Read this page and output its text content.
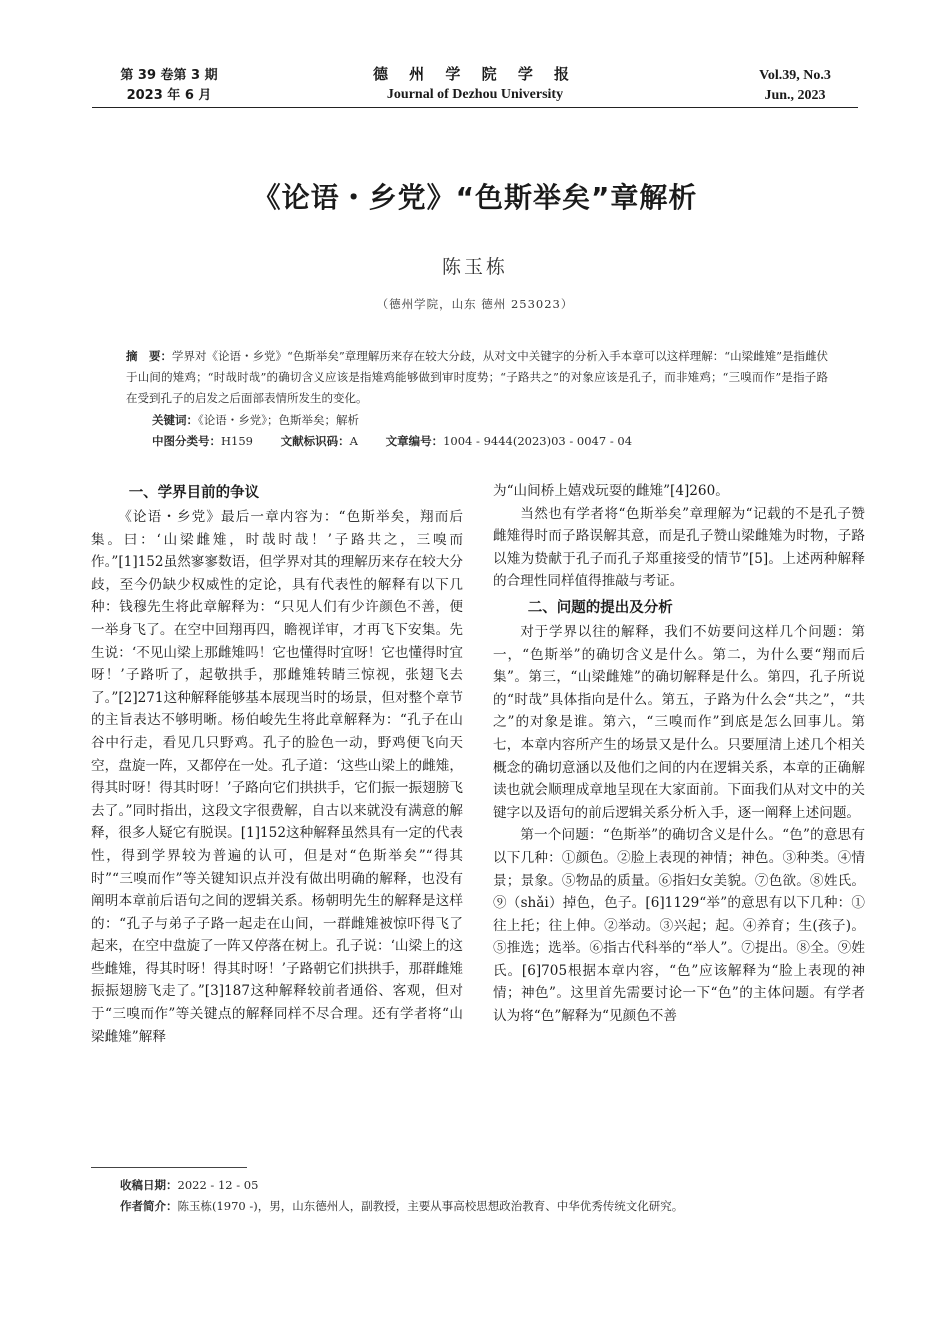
第 39 卷第 3 期
2023 年 6 月
德 州 学 院 学 报
Journal of Dezhou University
Vol.39, No.3
Jun., 2023
《论语・乡党》“色斯举矣”章解析
陈玉栋
（德州学院，山东 德州 253023）
摘　要：学界对《论语・乡党》“色斯举矣”章理解历来存在较大分歧，从对文中关键字的分析入手本章可以这样理解：“山梁雌雉”是指雌伏于山间的雉鸡；“时哉时哉”的确切含义应该是指雉鸡能够做到审时度势；“子路共之”的对象应该是孔子，而非雉鸡；“三嗅而作”是指子路在受到孔子的启发之后面部表情所发生的变化。
关键词：《论语・乡党》；色斯举矣；解析
中图分类号：H159 文献标识码：A 文章编号：1004 - 9444(2023)03 - 0047 - 04
一、学界目前的争议

《论语・乡党》最后一章内容为：“色斯举矣，翔而后集。曰：‘山梁雌雉，时哉时哉！’子路共之，三嗅而作。”[1]152虽然寥寥数语，但学界对其的理解历来存在较大分歧，至今仍缺少权威性的定论，具有代表性的解释有以下几种：钱穆先生将此章解释为：“只见人们有少许颜色不善，便一举身飞了。在空中回翔再四，瞻视详审，才再飞下安集。先生说：‘不见山梁上那雌雉吗！它也懂得时宜呀！它也懂得时宜呀！’子路听了，起敬拱手，那雌雉转睛三惊视，张翅飞去了。”[2]271这种解释能够基本展现当时的场景，但对整个章节的主旨表达不够明晰。杨伯峻先生将此章解释为：“孔子在山谷中行走，看见几只野鸡。孔子的脸色一动，野鸡便飞向天空，盘旋一阵，又都停在一处。孔子道：‘这些山梁上的雌雉，得其时呀！得其时呀！’子路向它们拱拱手，它们振一振翅膀飞去了。”同时指出，这段文字很费解，自古以来就没有满意的解释，很多人疑它有脱误。[1]152这种解释虽然具有一定的代表性，得到学界较为普遍的认可，但是对“色斯举矣”“得其时”“三嗅而作”等关键知识点并没有做出明确的解释，也没有阐明本章前后语句之间的逻辑关系。杨朝明先生的解释是这样的：“孔子与弟子子路一起走在山间，一群雌雉被惊吓得飞了起来，在空中盘旋了一阵又停落在树上。孔子说：‘山梁上的这些雌雉，得其时呀！得其时呀！’子路朝它们拱拱手，那群雌雉振振翅膀飞走了。”[3]187这种解释较前者通俗、客观，但对于“三嗅而作”等关键点的解释同样不尽合理。还有学者将“山梁雌雉”解释

为“山间桥上嬉戏玩耍的雌雉”[4]260。

当然也有学者将“色斯举矣”章理解为“记载的不是孔子赞雌雉得时而子路误解其意，而是孔子赞山梁雌雉为时物，子路以雉为贽献于孔子而孔子郑重接受的情节”[5]。上述两种解释的合理性同样值得推敲与考证。

二、问题的提出及分析

对于学界以往的解释，我们不妨要问这样几个问题：第一，“色斯举”的确切含义是什么。第二，为什么要“翔而后集”。第三，“山梁雌雉”的确切解释是什么。第四，孔子所说的“时哉”具体指向是什么。第五，子路为什么会“共之”，“共之”的对象是谁。第六，“三嗅而作”到底是怎么回事儿。第七，本章内容所产生的场景又是什么。只要厘清上述几个相关概念的确切意涵以及他们之间的内在逻辑关系，本章的正确解读也就会顺理成章地呈现在大家面前。下面我们从对文中的关键字以及语句的前后逻辑关系分析入手，逐一阐释上述问题。

第一个问题：“色斯举”的确切含义是什么。“色”的意思有以下几种：①颜色。②脸上表现的神情；神色。③种类。④情景；景象。⑤物品的质量。⑥指妇女美貌。⑦色欲。⑧姓氏。⑨（shǎi）掉色，色子。[6]1129“举”的意思有以下几种：①往上托；往上伸。②举动。③兴起；起。④养育；生(孩子)。⑤推选；选举。⑥指古代科举的“举人”。⑦提出。⑧全。⑨姓氏。[6]705根据本章内容，“色”应该解释为“脸上表现的神情；神色”。这里首先需要讨论一下“色”的主体问题。有学者认为将“色”解释为“见颜色不善

收稿日期：2022 - 12 - 05
作者简介：陈玉栋(1970 -)，男，山东德州人，副教授，主要从事高校思想政治教育、中华优秀传统文化研究。
